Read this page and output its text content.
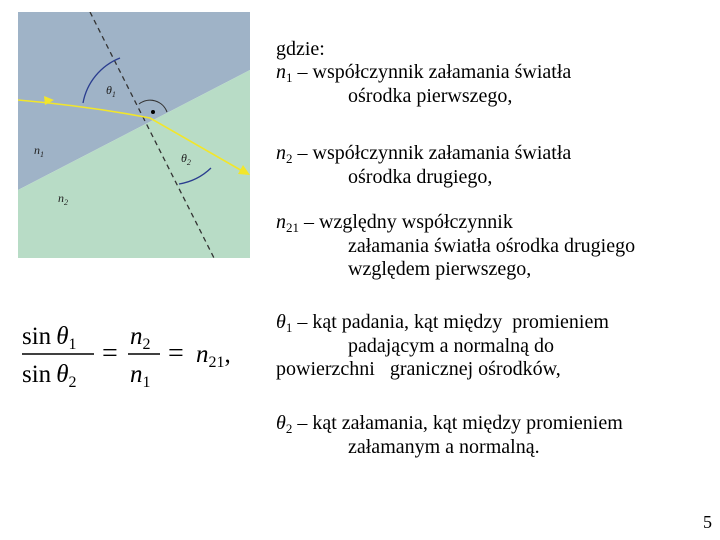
$\theta_1$
$\theta_2$
$n_1$
$n_2$
$\sin \theta_1$
$\sin \theta_2$
=
$n_2$
$n_1$
= $n_{21}$,
gdzie:
$n_1$ – współczynnik załamania światła
ośrodka pierwszego,
$n_2$ – współczynnik załamania światła
ośrodka drugiego,
$n_{21}$ – względny współczynnik
załamania światła ośrodka drugiego
względem pierwszego,
$\theta_1$ – kąt padania, kąt między  promieniem
padającym a normalną do
powierzchni   granicznej ośrodków,
$\theta_2$ – kąt załamania, kąt między promieniem
załamanym a normalną.
5
